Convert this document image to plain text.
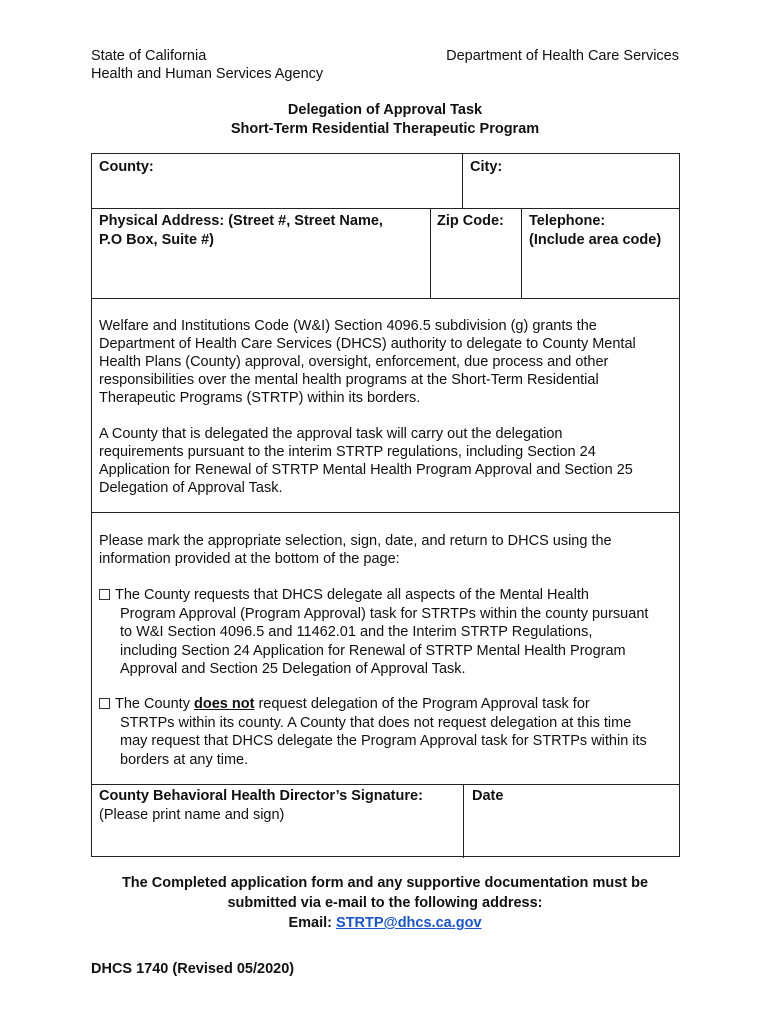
State of California
Health and Human Services Agency
Department of Health Care Services
Delegation of Approval Task
Short-Term Residential Therapeutic Program
County:	City:
Physical Address: (Street #, Street Name,
P.O Box, Suite #)
Zip Code: Telephone:
(Include area code)
Welfare and Institutions Code (W&I) Section 4096.5 subdivision (g) grants the
Department of Health Care Services (DHCS) authority to delegate to County Mental
Health Plans (County) approval, oversight, enforcement, due process and other
responsibilities over the mental health programs at the Short-Term Residential
Therapeutic Programs (STRTP) within its borders.
A County that is delegated the approval task will carry out the delegation
requirements pursuant to the interim STRTP regulations, including Section 24
Application for Renewal of STRTP Mental Health Program Approval and Section 25
Delegation of Approval Task.
Please mark the appropriate selection, sign, date, and return to DHCS using the
information provided at the bottom of the page:
The County requests that DHCS delegate all aspects of the Mental Health
Program Approval (Program Approval) task for STRTPs within the county pursuant
to W&I Section 4096.5 and 11462.01 and the Interim STRTP Regulations,
including Section 24 Application for Renewal of STRTP Mental Health Program
Approval and Section 25 Delegation of Approval Task.
The County does not request delegation of the Program Approval task for
STRTPs within its county. A County that does not request delegation at this time
may request that DHCS delegate the Program Approval task for STRTPs within its
borders at any time.
County Behavioral Health Director’s Signature:
(Please print name and sign)
Date
The Completed application form and any supportive documentation must be
submitted via e-mail to the following address:
Email: STRTP@dhcs.ca.gov
DHCS 1740 (Revised 05/2020)
